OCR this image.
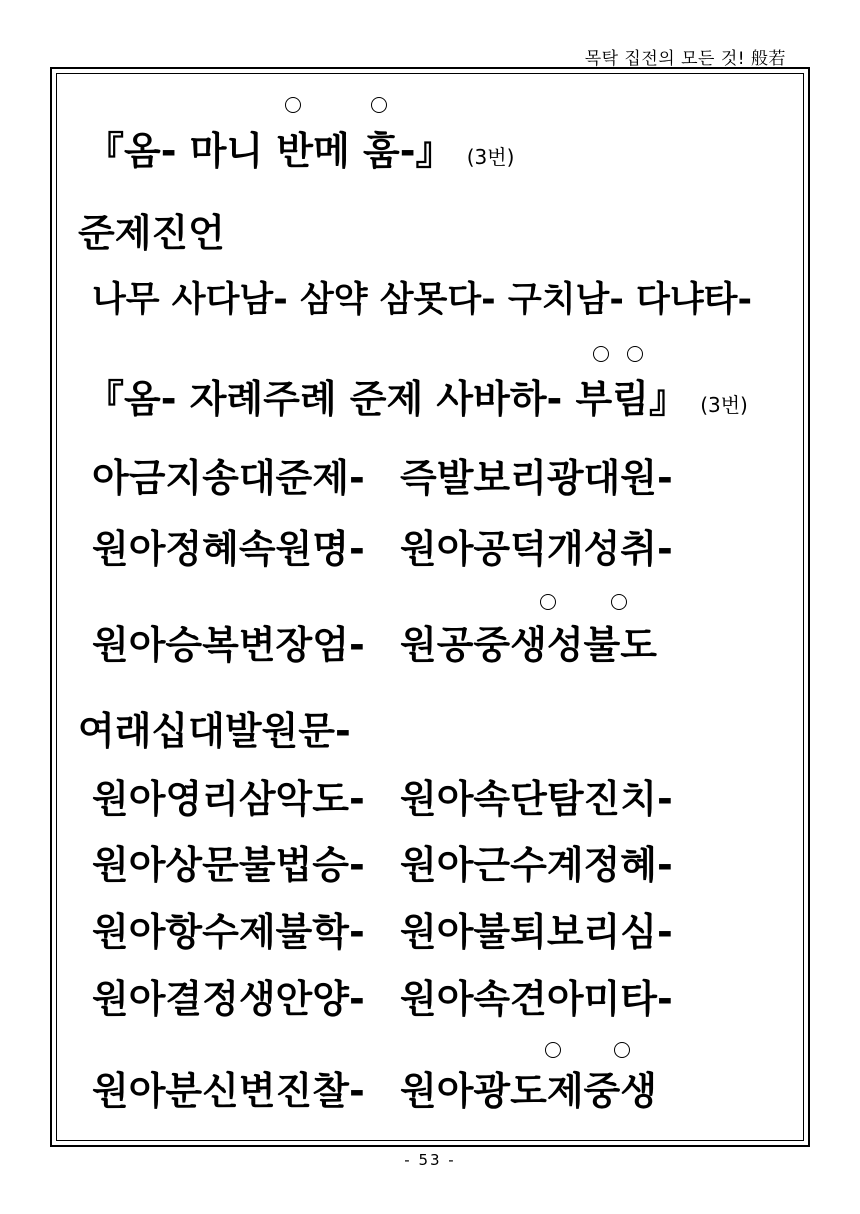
목탁 집전의 모든 것! 般若
『옴- 마니 반메 훔-』 (3번)
준제진언
나무 사다남- 삼약 삼못다- 구치남- 다냐타-
『옴- 자례주례 준제 사바하- 부림』 (3번)
아금지송대준제- 즉발보리광대원-
원아정혜속원명- 원아공덕개성취-
원아승복변장엄- 원공중생성불도
여래십대발원문-
원아영리삼악도- 원아속단탐진치-
원아상문불법승- 원아근수계정혜-
원아항수제불학- 원아불퇴보리심-
원아결정생안양- 원아속견아미타-
원아분신변진찰- 원아광도제중생
- 53 -
